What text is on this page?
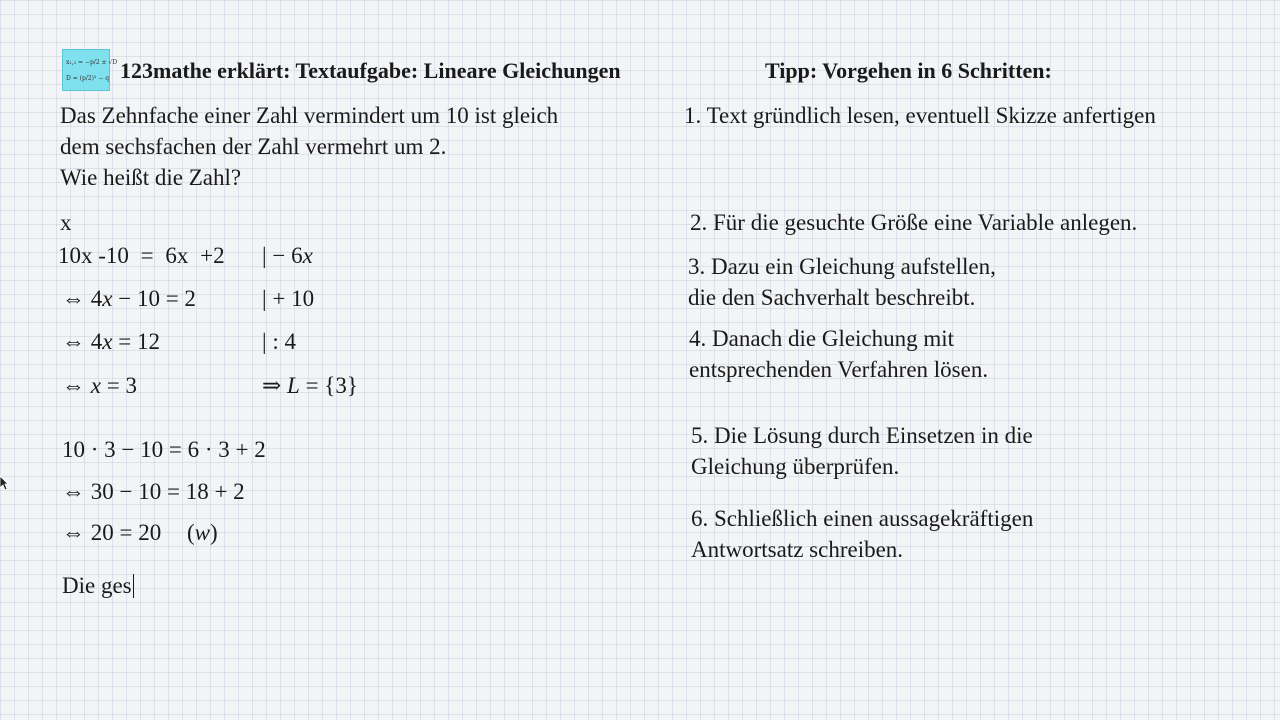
x₁,₂ = −p/2 ± √D
D = (p/2)² − q 123mathe erklärt: Textaufgabe: Lineare Gleichungen	Tipp: Vorgehen in 6 Schritten:
Das Zehnfache einer Zahl vermindert um 10 ist gleich
dem sechsfachen der Zahl vermehrt um 2.
Wie heißt die Zahl?
x
10x -10 = 6x +2 | − 6x
⇔ 4x − 10 = 2	| + 10
⇔ 4x = 12	| : 4
⇔ x = 3	⇒ L = {3}
10 · 3 − 10 = 6 · 3 + 2
⇔ 30 − 10 = 18 + 2
⇔ 20 = 20 (w)
Die ges
1. Text gründlich lesen, eventuell Skizze anfertigen
2. Für die gesuchte Größe eine Variable anlegen.
3. Dazu ein Gleichung aufstellen,
die den Sachverhalt beschreibt.
4. Danach die Gleichung mit
entsprechenden Verfahren lösen.
5. Die Lösung durch Einsetzen in die
Gleichung überprüfen.
6. Schließlich einen aussagekräftigen
Antwortsatz schreiben.
